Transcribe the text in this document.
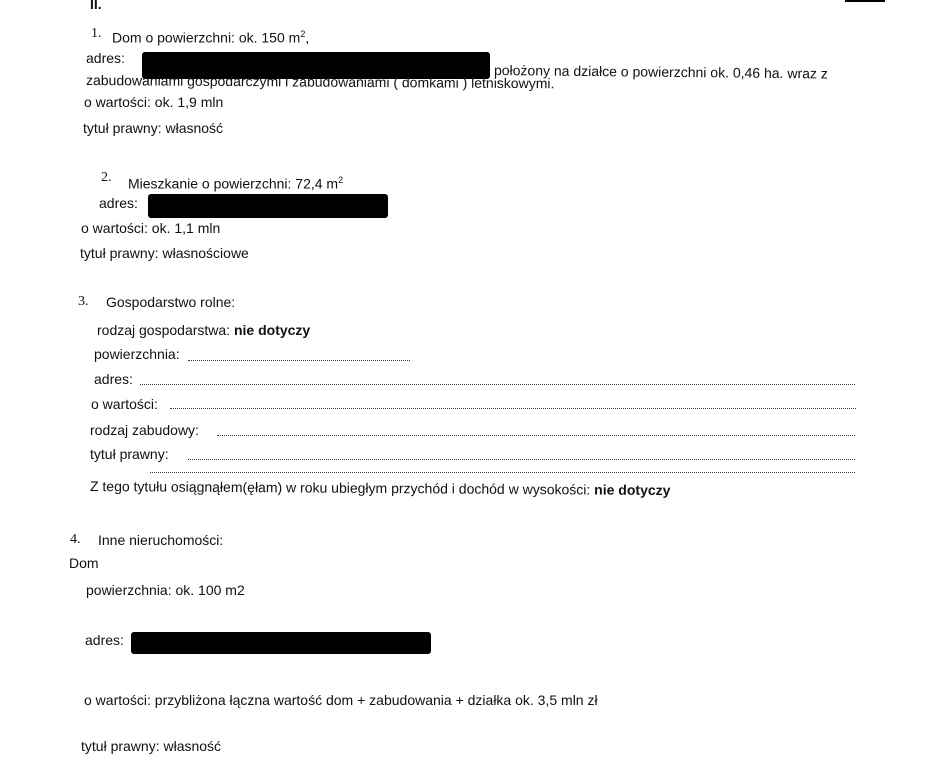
II.
1. Dom o powierzchni: ok. 150 $m^2$,
adres:
położony na działce o powierzchni ok. 0,46 ha. wraz z
zabudowaniami gospodarczymi i zabudowaniami ( domkami ) letniskowymi.
o wartości: ok. 1,9 mln
tytuł prawny: własność
2. Mieszkanie o powierzchni: 72,4 $m^2$
adres:
o wartości: ok. 1,1 mln
tytuł prawny: własnościowe
3. Gospodarstwo rolne:
rodzaj gospodarstwa: nie dotyczy
powierzchnia:
adres:
o wartości:
rodzaj zabudowy:
tytuł prawny:
Z tego tytułu osiągnąłem(ęłam) w roku ubiegłym przychód i dochód w wysokości: nie dotyczy
4. Inne nieruchomości:
Dom
powierzchnia: ok. 100 m2
adres:
o wartości: przybliżona łączna wartość dom + zabudowania + działka ok. 3,5 mln zł
tytuł prawny: własność
